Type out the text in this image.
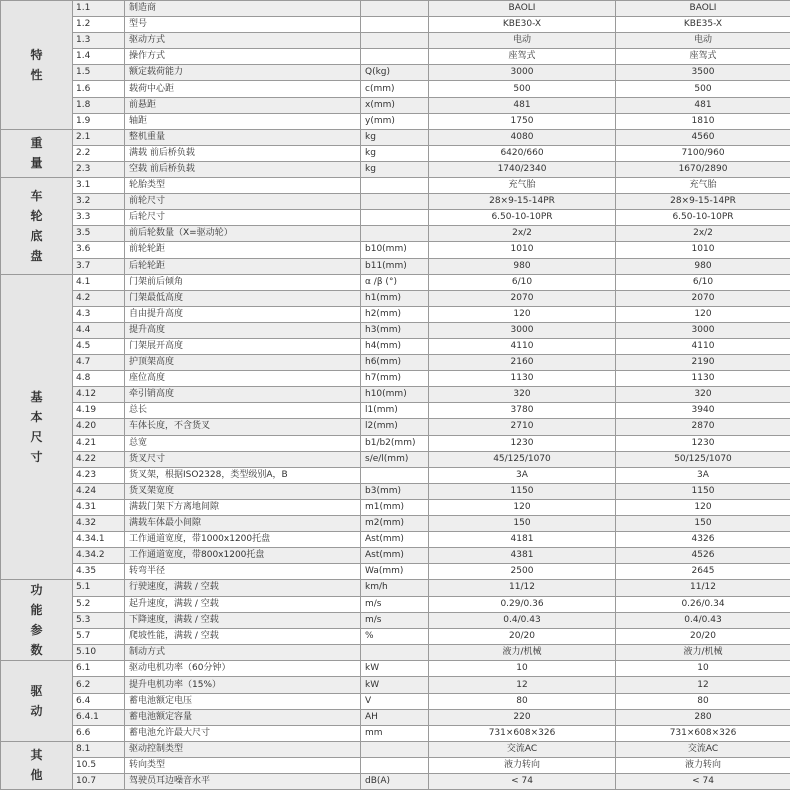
特性	1.1	制造商		BAOLI	BAOLI
	1.2	型号		KBE30-X	KBE35-X
	1.3	驱动方式		电动	电动
	1.4	操作方式		座驾式	座驾式
	1.5	额定载荷能力	Q(kg)	3000	3500
	1.6	载荷中心距	c(mm)	500	500
	1.8	前悬距	x(mm)	481	481
	1.9	轴距	y(mm)	1750	1810
重量	2.1	整机重量	kg	4080	4560
	2.2	满载 前后桥负载	kg	6420/660	7100/960
	2.3	空载 前后桥负载	kg	1740/2340	1670/2890
车轮底盘	3.1	轮胎类型		充气胎	充气胎
	3.2	前轮尺寸		28×9-15-14PR	28×9-15-14PR
	3.3	后轮尺寸		6.50-10-10PR	6.50-10-10PR
	3.5	前后轮数量（X=驱动轮）		2x/2	2x/2
	3.6	前轮轮距	b10(mm)	1010	1010
	3.7	后轮轮距	b11(mm)	980	980
基本尺寸	4.1	门架前后倾角	α /β (°)	6/10	6/10
	4.2	门架最低高度	h1(mm)	2070	2070
	4.3	自由提升高度	h2(mm)	120	120
	4.4	提升高度	h3(mm)	3000	3000
	4.5	门架展开高度	h4(mm)	4110	4110
	4.7	护顶架高度	h6(mm)	2160	2190
	4.8	座位高度	h7(mm)	1130	1130
	4.12	牵引销高度	h10(mm)	320	320
	4.19	总长	l1(mm)	3780	3940
	4.20	车体长度，不含货叉	l2(mm)	2710	2870
	4.21	总宽	b1/b2(mm)	1230	1230
	4.22	货叉尺寸	s/e/l(mm)	45/125/1070	50/125/1070
	4.23	货叉架，根据ISO2328，类型级别A，B		3A	3A
	4.24	货叉架宽度	b3(mm)	1150	1150
	4.31	满载门架下方离地间隙	m1(mm)	120	120
	4.32	满载车体最小间隙	m2(mm)	150	150
	4.34.1	工作通道宽度，带1000x1200托盘	Ast(mm)	4181	4326
	4.34.2	工作通道宽度，带800x1200托盘	Ast(mm)	4381	4526
	4.35	转弯半径	Wa(mm)	2500	2645
功能参数	5.1	行驶速度，满载 / 空载	km/h	11/12	11/12
	5.2	起升速度，满载 / 空载	m/s	0.29/0.36	0.26/0.34
	5.3	下降速度，满载 / 空载	m/s	0.4/0.43	0.4/0.43
	5.7	爬坡性能，满载 / 空载	%	20/20	20/20
	5.10	制动方式		液力/机械	液力/机械
驱动	6.1	驱动电机功率（60分钟）	kW	10	10
	6.2	提升电机功率（15%）	kW	12	12
	6.4	蓄电池额定电压	V	80	80
	6.4.1	蓄电池额定容量	AH	220	280
	6.6	蓄电池允许最大尺寸	mm	731×608×326	731×608×326
其他	8.1	驱动控制类型		交流AC	交流AC
	10.5	转向类型		液力转向	液力转向
	10.7	驾驶员耳边噪音水平	dB(A)	< 74	< 74
